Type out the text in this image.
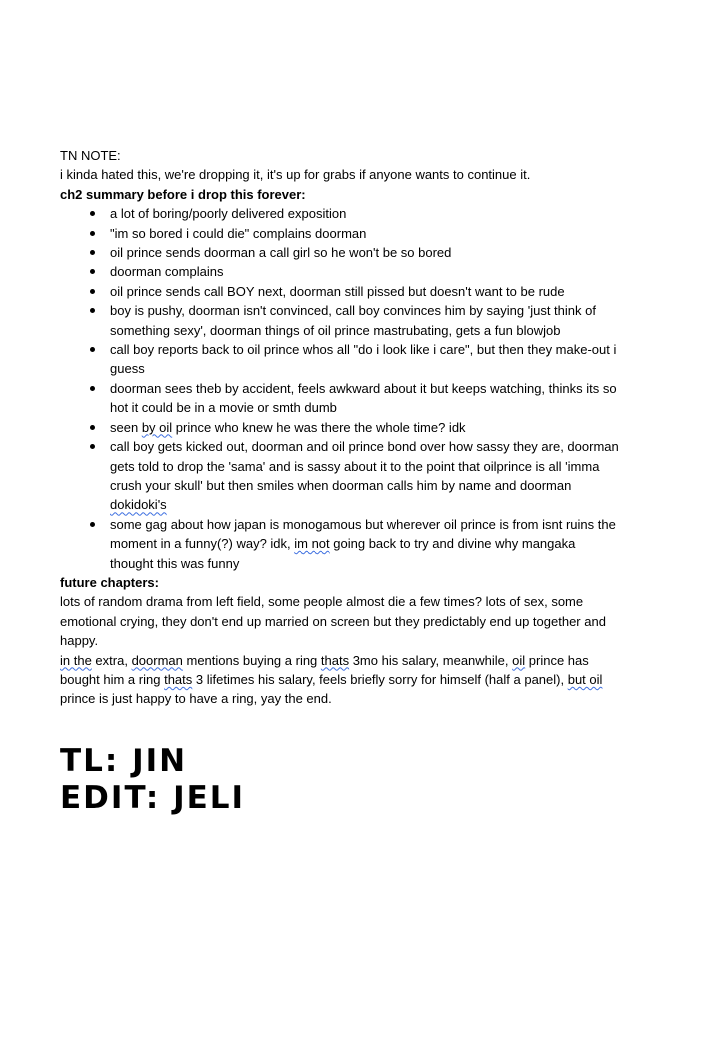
TN NOTE:

i kinda hated this, we're dropping it, it's up for grabs if anyone wants to continue it.

ch2 summary before i drop this forever:

a lot of boring/poorly delivered exposition
"im so bored i could die" complains doorman
oil prince sends doorman a call girl so he won't be so bored
doorman complains
oil prince sends call BOY next, doorman still pissed but doesn't want to be rude
boy is pushy, doorman isn't convinced, call boy convinces him by saying 'just think of
something sexy', doorman things of oil prince mastrubating, gets a fun blowjob
call boy reports back to oil prince whos all "do i look like i care", but then they make-out i
guess
doorman sees theb by accident, feels awkward about it but keeps watching, thinks its so
hot it could be in a movie or smth dumb
seen by oil prince who knew he was there the whole time? idk
call boy gets kicked out, doorman and oil prince bond over how sassy they are, doorman
gets told to drop the 'sama' and is sassy about it to the point that oilprince is all 'imma
crush your skull' but then smiles when doorman calls him by name and doorman
dokidoki's
some gag about how japan is monogamous but wherever oil prince is from isnt ruins the
moment in a funny(?) way? idk, im not going back to try and divine why mangaka
thought this was funny

future chapters:

lots of random drama from left field, some people almost die a few times? lots of sex, some
emotional crying, they don't end up married on screen but they predictably end up together and
happy.

in the extra, doorman mentions buying a ring thats 3mo his salary, meanwhile, oil prince has
bought him a ring thats 3 lifetimes his salary, feels briefly sorry for himself (half a panel), but oil
prince is just happy to have a ring, yay the end.

TL: JIN
EDIT: JELI
